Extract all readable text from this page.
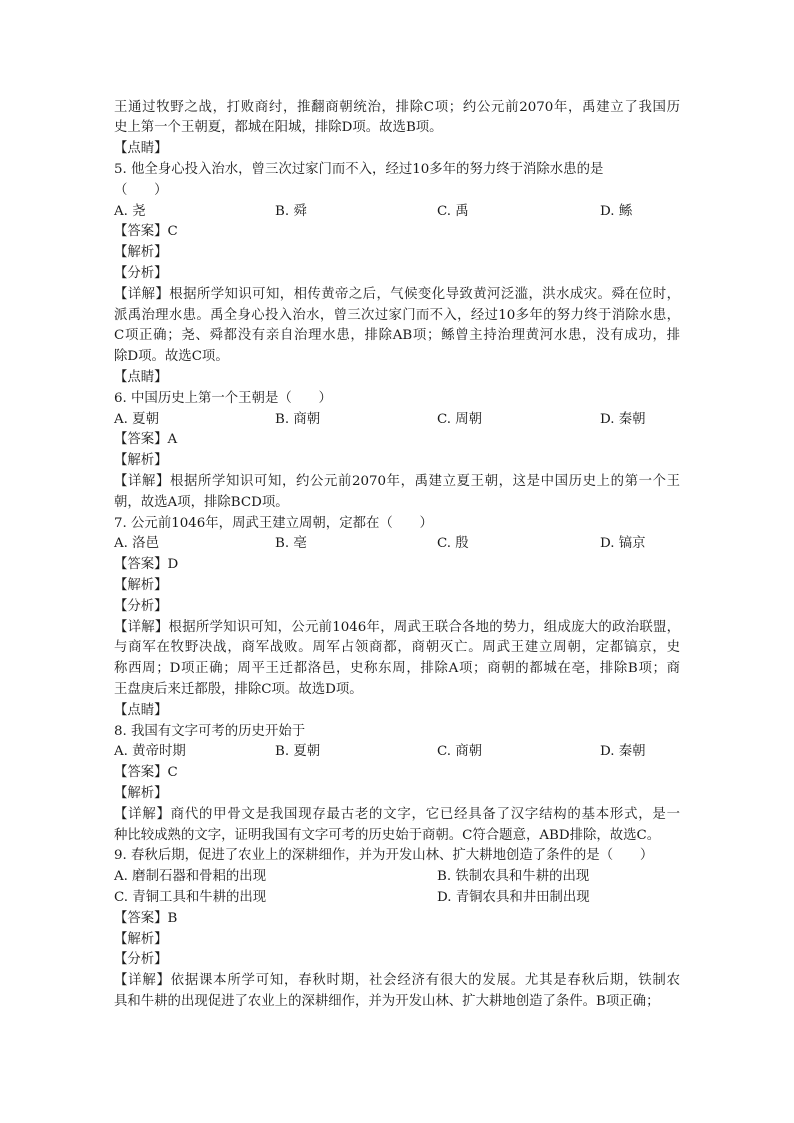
王通过牧野之战，打败商纣，推翻商朝统治，排除C项；约公元前2070年，禹建立了我国历
史上第一个王朝夏，都城在阳城，排除D项。故选B项。
【点睛】
5. 他全身心投入治水，曾三次过家门而不入，经过10多年的努力终于消除水患的是
（　　）
A. 尧	B. 舜	C. 禹	D. 鲧
【答案】C
【解析】
【分析】
【详解】根据所学知识可知，相传黄帝之后，气候变化导致黄河泛滥，洪水成灾。舜在位时，
派禹治理水患。禹全身心投入治水，曾三次过家门而不入，经过10多年的努力终于消除水患，
C项正确；尧、舜都没有亲自治理水患，排除AB项；鲧曾主持治理黄河水患，没有成功，排
除D项。故选C项。
【点睛】
6. 中国历史上第一个王朝是（　　）
A. 夏朝	B. 商朝	C. 周朝	D. 秦朝
【答案】A
【解析】
【详解】根据所学知识可知，约公元前2070年，禹建立夏王朝，这是中国历史上的第一个王
朝，故选A项，排除BCD项。
7. 公元前1046年，周武王建立周朝，定都在（　　）
A. 洛邑	B. 亳	C. 殷	D. 镐京
【答案】D
【解析】
【分析】
【详解】根据所学知识可知，公元前1046年，周武王联合各地的势力，组成庞大的政治联盟，
与商军在牧野决战，商军战败。周军占领商都，商朝灭亡。周武王建立周朝，定都镐京，史
称西周；D项正确；周平王迁都洛邑，史称东周，排除A项；商朝的都城在亳，排除B项；商
王盘庚后来迁都殷，排除C项。故选D项。
【点睛】
8. 我国有文字可考的历史开始于
A. 黄帝时期	B. 夏朝	C. 商朝	D. 秦朝
【答案】C
【解析】
【详解】商代的甲骨文是我国现存最古老的文字，它已经具备了汉字结构的基本形式，是一
种比较成熟的文字，证明我国有文字可考的历史始于商朝。C符合题意，ABD排除，故选C。
9. 春秋后期，促进了农业上的深耕细作，并为开发山林、扩大耕地创造了条件的是（　　）
A. 磨制石器和骨耜的出现	B. 铁制农具和牛耕的出现
C. 青铜工具和牛耕的出现	D. 青铜农具和井田制出现
【答案】B
【解析】
【分析】
【详解】依据课本所学可知，春秋时期，社会经济有很大的发展。尤其是春秋后期，铁制农
具和牛耕的出现促进了农业上的深耕细作，并为开发山林、扩大耕地创造了条件。B项正确；
